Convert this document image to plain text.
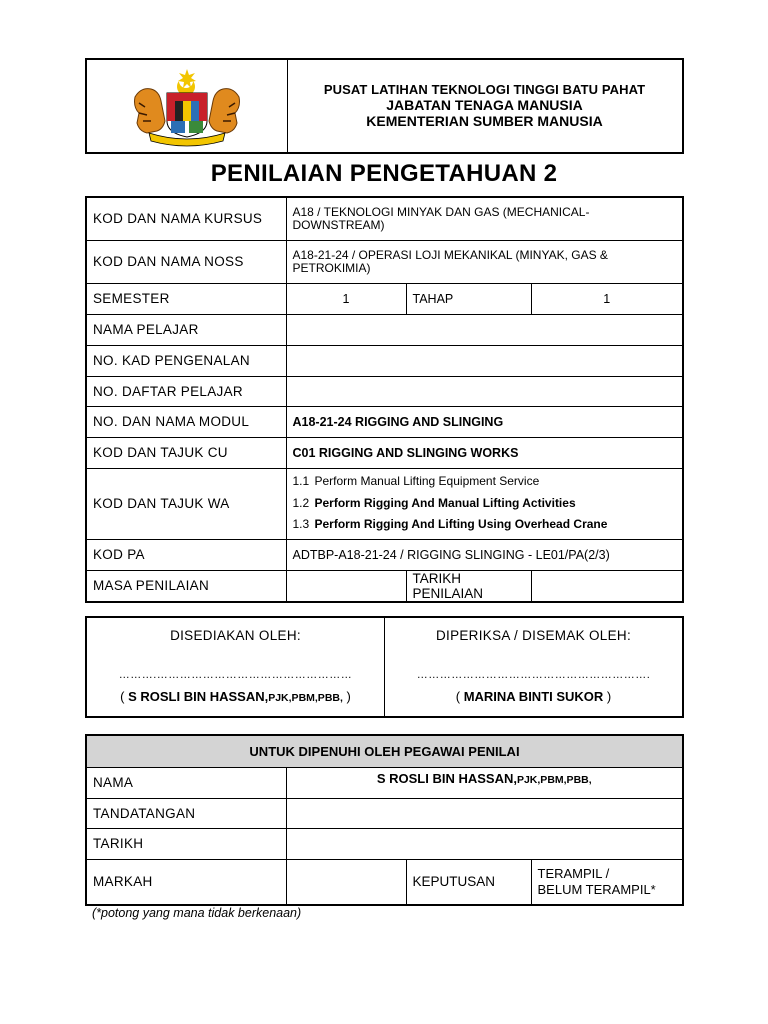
PUSAT LATIHAN TEKNOLOGI TINGGI BATU PAHAT
JABATAN TENAGA MANUSIA
KEMENTERIAN SUMBER MANUSIA
PENILAIAN PENGETAHUAN 2
KOD DAN NAMA KURSUS	A18 / TEKNOLOGI MINYAK DAN GAS (MECHANICAL-DOWNSTREAM)		
KOD DAN NAMA NOSS	A18-21-24 / OPERASI LOJI MEKANIKAL (MINYAK, GAS & PETROKIMIA)		
SEMESTER	1	TAHAP	1
NAMA PELAJAR			
NO. KAD PENGENALAN			
NO. DAFTAR PELAJAR			
NO. DAN NAMA MODUL	A18-21-24 RIGGING AND SLINGING		
KOD DAN TAJUK CU	C01 RIGGING AND SLINGING WORKS		
KOD DAN TAJUK WA	1.1 Perform Manual Lifting Equipment Service
1.2 Perform Rigging And Manual Lifting Activities
1.3 Perform Rigging And Lifting Using Overhead Crane		

KOD PA	ADTBP-A18-21-24 / RIGGING SLINGING - LE01/PA(2/3)		
MASA PENILAIAN		TARIKH PENILAIAN	
DISEDIAKAN OLEH:
……….……………………………………………
( S ROSLI BIN HASSAN,PJK,PBM,PBB, )
DIPERIKSA / DISEMAK OLEH:
…………………………………………………….
( MARINA BINTI SUKOR )
UNTUK DIPENUHI OLEH PEGAWAI PENILAI			
NAMA	S ROSLI BIN HASSAN,PJK,PBM,PBB,		
TANDATANGAN			
TARIKH			
MARKAH		KEPUTUSAN	TERAMPIL /
BELUM TERAMPIL*
(*potong yang mana tidak berkenaan)
